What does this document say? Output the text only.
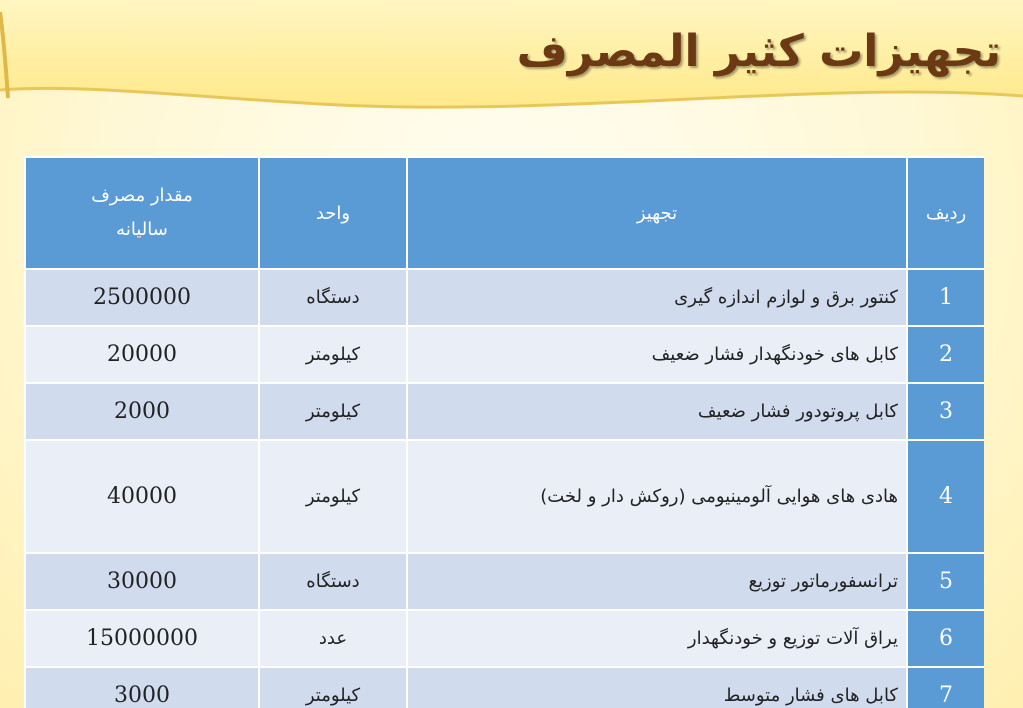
تجهیزات کثیر المصرف
ردیف	تجهیز	واحد	مقدار مصرف سالیانه
1	کنتور برق و لوازم اندازه گیری	دستگاه	2500000
2	کابل های خودنگهدار فشار ضعیف	کیلومتر	20000
3	کابل پروتودور فشار ضعیف	کیلومتر	2000
4	هادی های هوایی آلومینیومی (روکش دار و لخت)	کیلومتر	40000
5	ترانسفورماتور توزیع	دستگاه	30000
6	یراق آلات توزیع و خودنگهدار	عدد	15000000
7	کابل های فشار متوسط	کیلومتر	3000
